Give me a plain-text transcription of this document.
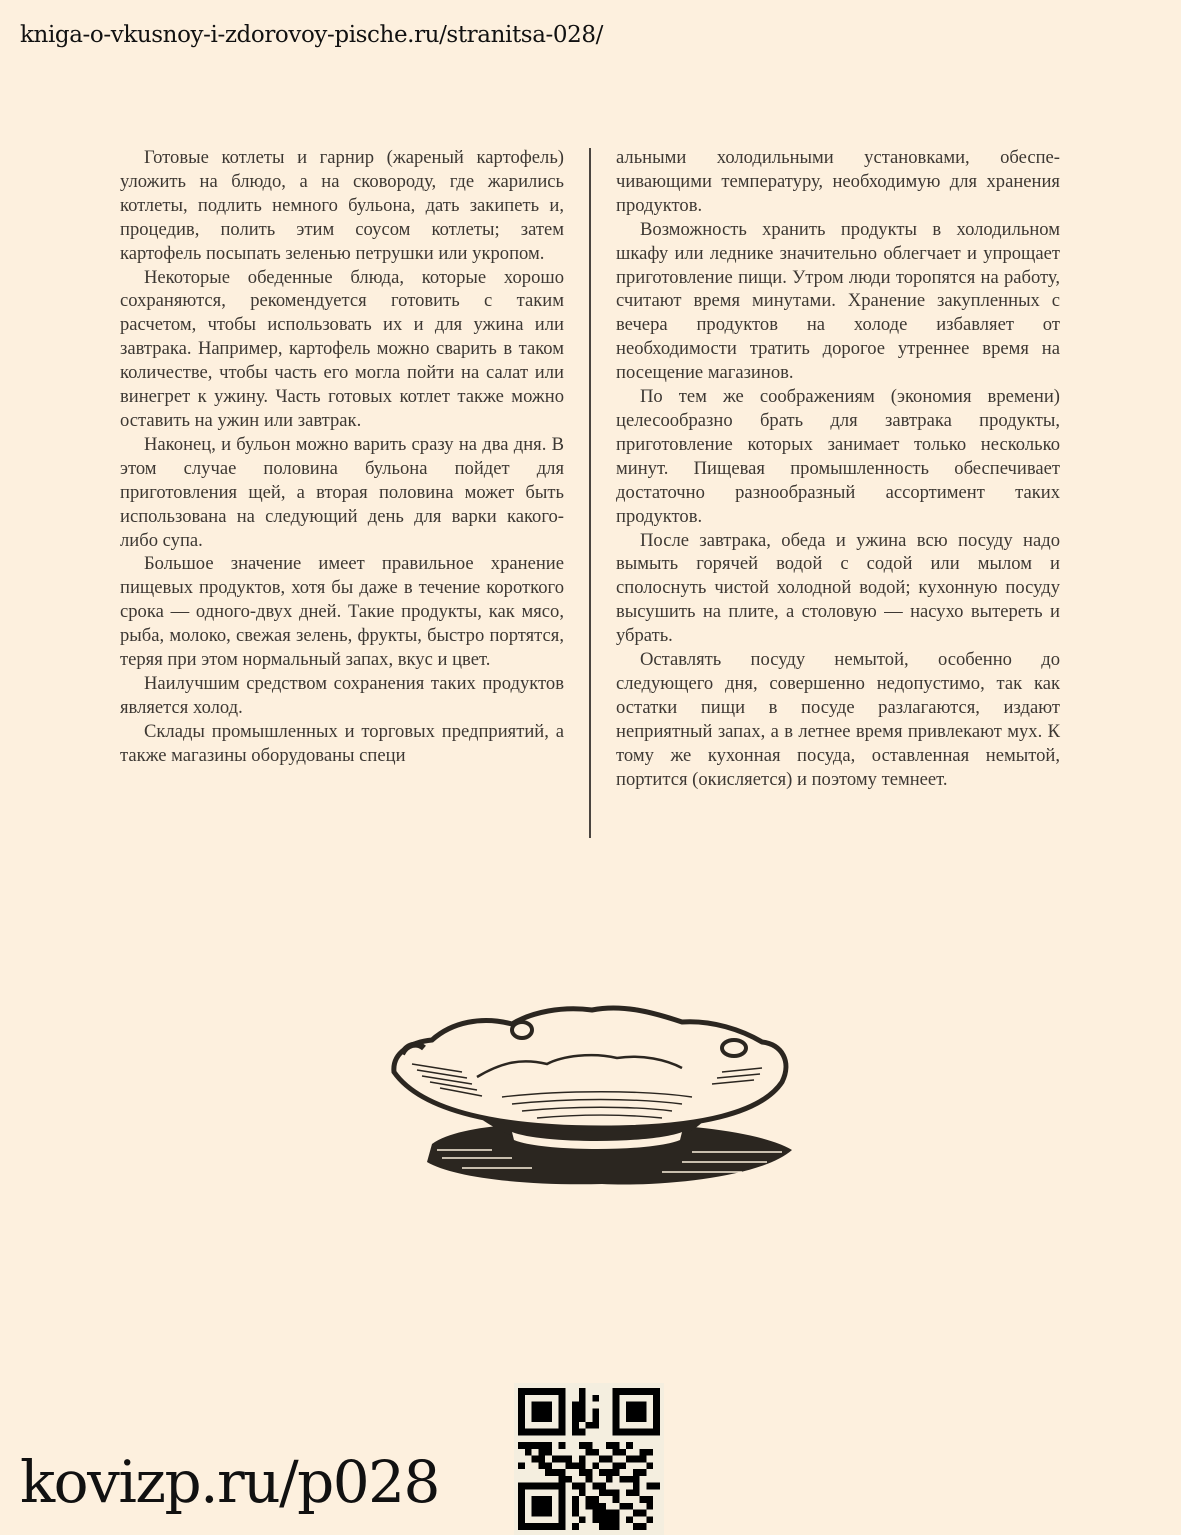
kniga-o-vkusnoy-i-zdorovoy-pische.ru/stranitsa-028/

Готовые котлеты и гарнир (жареный картофель) уложить на блюдо, а на сковороду, где жарились котлеты, подлить немного бульона, дать закипеть и, процедив, полить этим соусом котлеты; затем картофель посыпать зеленью петрушки или укропом.

Некоторые обеденные блюда, которые хорошо сохраняются, рекомендуется готовить с таким расчетом, чтобы использовать их и для ужина или завтрака. Например, картофель можно сварить в таком количестве, чтобы часть его могла пойти на салат или винегрет к ужину. Часть готовых котлет также можно оставить на ужин или завтрак.

Наконец, и бульон можно варить сразу на два дня. В этом случае половина бульона пойдет для приготовления щей, а вторая половина может быть использована на следующий день для варки какого-либо супа.

Большое значение имеет правильное хранение пищевых продуктов, хотя бы даже в течение короткого срока — одного-двух дней. Такие продукты, как мясо, рыба, молоко, свежая зелень, фрукты, быстро портятся, теряя при этом нормальный запах, вкус и цвет.

Наилучшим средством сохранения таких продуктов является холод.

Склады промышленных и торговых предприятий, а также магазины оборудованы специ

альными холодильными установками, обеспечивающими температуру, необходимую для хранения продуктов.

Возможность хранить продукты в холодильном шкафу или леднике значительно облегчает и упрощает приготовление пищи. Утром люди торопятся на работу, считают время минутами. Хранение закупленных с вечера продуктов на холоде избавляет от необходимости тратить дорогое утреннее время на посещение магазинов.

По тем же соображениям (экономия времени) целесообразно брать для завтрака продукты, приготовление которых занимает только несколько минут. Пищевая промышленность обеспечивает достаточно разнообразный ассортимент таких продуктов.

После завтрака, обеда и ужина всю посуду надо вымыть горячей водой с содой или мылом и сполоснуть чистой холодной водой; кухонную посуду высушить на плите, а столовую — насухо вытереть и убрать.

Оставлять посуду немытой, особенно до следующего дня, совершенно недопустимо, так как остатки пищи в посуде разлагаются, издают неприятный запах, а в летнее время привлекают мух. К тому же кухонная посуда, оставленная немытой, портится (окисляется) и поэтому темнеет.

kovizp.ru/p028
